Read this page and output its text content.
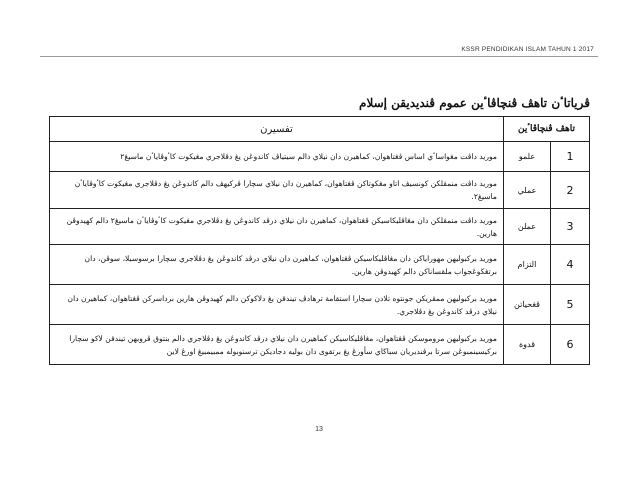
KSSR PENDIDIKAN ISLAM TAHUN 1 2017
ڤرياتاٴن تاهڤ ڤنچاڤاٴين عموم ڤنديديقن إسلام
تاهڤ ڤنچاڤاٴين		تفسيرن
1	علمو	موريد داڤت مڠواساٴي اساس ڤڠتاهوان، كماهيرن دان نيلاي دالم سيتياڤ كاندوڠن يڠ دڤلاجري مڠيكوت كاٴوڤاياٴن ماسيڠ٢
2	عملي	موريد داڤت منمڤلكن كونسيڤ اتاو مڠكوتاكن ڤڠتاهوان، كماهيرن دان نيلاي سچارا ڤركيهڤ دالم كاندوڠن يڠ دڤلاجري مڠيكوت كاٴوڤاياٴن ماسيڠ٢.
3	عملن	موريد داڤت منمڤلكن دان مڠاڤليكاسيكن ڤڠتاهوان، كماهيرن دان نيلاي درڤد كاندوڠن يڠ دڤلاجري مڠيكوت كاٴوڤاياٴن ماسيڠ٢ دالم كهيدوڤن هارين.
4	التزام	موريد بركبوليهن مهوراياكن دان مڠاڤليكاسيكن ڤڠتاهوان، كماهيرن دان نيلاي درڤد كاندوڠن يڠ دڤلاجري سچارا برسوسيلا، سوڤن، دان برتڠڬوڠجواب ملقساناكن دالم كهيدوڤن هارين.
5	ڤڠحياتن	موريد بركبوليهن ممڤريكن جونتوه تلادن سچارا استقامة ترهادڤ تيندقن يڠ دلاكوكن دالم كهيدوڤن هارين برداسركن ڤڠتاهوان، كماهيرن دان نيلاي درڤد كاندوڠن يڠ دڤلاجري.
6	قدوة	موريد بركبوليهن مروموسكن ڤڠتاهوان، مڠاڤليكاسيكن كماهيرن دان نيلاي درڤد كاندوڠن يڠ دڤلاجري دالم بنتوق ڤروبهن تيندقن لاكو سچارا بركيسينمبوڠن سرتا برڤنديريان سباڬاي سأورڠ يڠ برتقوى دان بوليه دجاديكن ترسنوبوله ممبيمبيڠ اورڠ لاين
13
